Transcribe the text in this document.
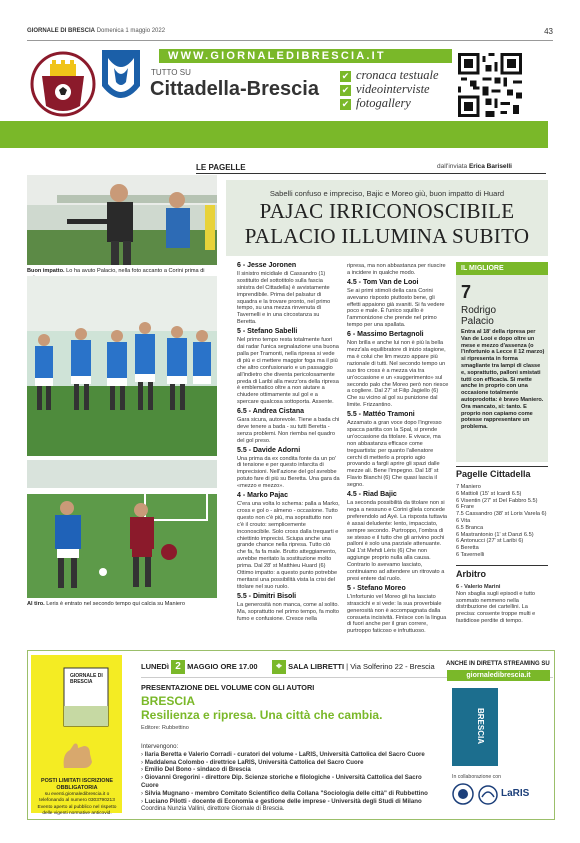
GIORNALE DI BRESCIA Domenica 1 maggio 2022	43
WWW.GIORNALEDIBRESCIA.IT
TUTTO SU
Cittadella-Brescia
✔ cronaca testuale
✔ videointerviste
✔ fotogallery
LE PAGELLE	dall'inviata Erica Bariselli
Buon impatto. Lo ha avuto Palacio, nella foto accanto a Corini prima di
Al tiro. Leris è entrato nel secondo tempo qui calcia su Maniero
Sabelli confuso e impreciso, Bajic e Moreo giù, buon impatto di Huard
PAJAC IRRICONOSCIBILE
PALACIO ILLUMINA SUBITO
6 - Jesse Joronen

Il sinistro micidiale di Cassandro (1) sostituito del sottotitolo sulla fascia sinistra del Cittadella) è avvistamente imprendibile. Prima del palsatur di squadra e la trovare pronto, nel primo tempo, su una mezza rinvenuta di Tavernelli e in una circostanza su Beretta.

5 - Stefano Sabelli

Nel primo tempo resta totalmente fuori dai radar l'unica segnalazione una buona palla per Tramonti, nella ripresa si vede di più e ci mettere maggior foga ma il più che altro confusionario e un passaggio all'indietro che diventa pericolosamente preda di Laribi alla mezz'ora della ripresa è emblematico oltre a non aiutare a chiudere ottimamente sul gol e a spercare qualcosa sottoporta. Assente.

6.5 - Andrea Cistana

Gara sicura, autorevole. Tiene a bada chi deve tenere a bada - su tutti Beretta - senza problemi. Non riemba nel quadro del gol preso.

5.5 - Davide Adorni

Una prima da ex condita fonte da un po' di tensione e per questo infarcita di imprecisioni. Nell'azione del gol avrebbe potuto fare di più su Beretta. Una gara da «mezzo e mezzo».

4 - Marko Pajac

C'era una volta lo schema: palla a Marko, cross e gol o - almeno - occasione. Tutto questo non c'è più, ma soprattutto non c'è il crouto: semplicemente inconoscibile. Solo cross dalla trequarti e chiettinto imprecisi. Sciupa anche una grande chance nella ripresa. Tutto ciò che fa, fa fa male. Brutto atteggiamento, avrebbe meritato la sostituzione molto prima. Dal 28' st Matthieu Huard (6) Ottimo impatto: a questo punto potrebbe meritarsi una possibilità vista la crisi del titolare nel suo ruolo.

5.5 - Dimitri Bisoli

La generosità non manca, come al solito. Ma, soprattutto nel primo tempo, fa molto fumo e confusione. Cresce nella

ripresa, ma non abbastanza per riuscire a incidere in qualche modo.

4.5 - Tom Van de Looi

Se ai primi stimoli della cara Corini avevano risposto piuttosto bene, gli effetti appaiono già svaniti. Si fa vedere poco e male. È l'unico squillo è l'ammonizione che prende nel primo tempo per una spallata.

6 - Massimo Bertagnoli

Non brilla e anche lui non è più la bella mezz'ala equilibratore di inizio stagione, ma è colui che lim mezzo appare più razionale di tutti. Nel secondo tempo un suo tiro cross è a mezza via tra un'occasione e un «suggerimento» sul secondo palo che Moreo però non riesce a cogliere. Dal 27' st Filip Jagiello (6) Che su vicino al gol su punizione dal limite. Frizzantino.

5.5 - Mattéo Tramoni

Azzamato a gran voce dopo l'ingresso spacca partita con la Spal, si prende un'occasione da titolare. E vivace, ma non abbastanza efficace come treguartista: per quanto l'allenatore cerchi di metterlo a proprio agio provando a fargli aprire gli spazi dalle mezze ali. Bene l'impegno. Dal 18' st Flavio Bianchi (6) Che quasi lascia il segno.

4.5 - Riad Bajic

La seconda possibilità da titolare non si nega a nessuno e Corini gliela concede preferendolo ad Ayé. La risposta tuttavia è assai deludente: lento, impacciato, sempre secondo. Purtroppo, l'ombra di se stesso e il tutto che gli arrivino pochi palloni è solo una parziale attenuante. Dal 1'st Mehdi Léris (6) Che non aggiunge proprio nulla alla causa. Contrario lo avevamo lasciato, continuiamo ad attendere un ritrovato a presi entere dal ruolo.

5 - Stefano Moreo

L'infortunio vel Moreo gli ha lasciato strascichi e si vede: la sua proverbiale generosità non è accompagnata dalla consueta incisività. Finisce con la lingua di fuori anche per il gran correre, purtroppo faticoso e infruttuoso.

IL MIGLIORE
7
Rodrigo
Palacio
Entra al 18' della ripresa per Van de Looi e dopo oltre un mese e mezzo d'assenza (o l'infortunio a Lecce il 12 marzo) si ripresenta in forma smagliante tra lampi di classe e, soprattutto, palloni smistati tutti con efficacia. Si mette anche in proprio con una occasione totalmente autoprodotta: è bravo Maniero. Ora mancato, si: tanto. E proprio non capiamo come potesse rappresentare un problema.
Pagelle Cittadella
7 Maniero
6 Mattioli (15' st Icardi 6.5)
6 Visentin (27' st Del Fabbro 5.5)
6 Frare
7.5 Cassandro (38' st Loris Varela 6)
6 Vita
6.5 Branca
6 Mastrantonio (1' st Danzi 6.5)
6 Antonucci (27' st Laribi 6)
6 Beretta
6 Tavernelli
Arbitro
6 - Valerio Marini
Non sbaglia sugli episodi e tutto sommato nemmeno nella distribuzione dei cartellini. La precisa: consente troppe multi e fastidiose perdite di tempo.
GIORNALE DI BRESCIA
POSTI LIMITATI ISCRIZIONE OBBLIGATORIA
su eventi.giornaledibrescia.it o telefonando al numero 0303790213
Evento aperto al pubblico nel rispetto delle vigenti normative anticovid.
LUNEDì 2 MAGGIO ORE 17.00	⌖ SALA LIBRETTI | Via Solferino 22 - Brescia
PRESENTAZIONE DEL VOLUME CON GLI AUTORI
BRESCIA
Resilienza e ripresa. Una città che cambia.
Editore: Rubbettino
Intervengono:
› Ilaria Beretta e Valerio Corradi - curatori del volume - LaRIS, Università Cattolica del Sacro Cuore
› Maddalena Colombo - direttrice LaRIS, Università Cattolica del Sacro Cuore
› Emilio Del Bono - sindaco di Brescia
› Giovanni Gregorini - direttore Dip. Scienze storiche e filologiche - Università Cattolica del Sacro Cuore
› Silvia Mugnano - membro Comitato Scientifico della Collana "Sociologia delle città" di Rubbettino
› Luciano Pilotti - docente di Economia e gestione delle imprese - Università degli Studi di Milano
Coordina Nunzia Vallini, direttore Giornale di Brescia.
ANCHE IN DIRETTA STREAMING SU
giornaledibrescia.it
BRESCIA
In collaborazione con
LaRIS
